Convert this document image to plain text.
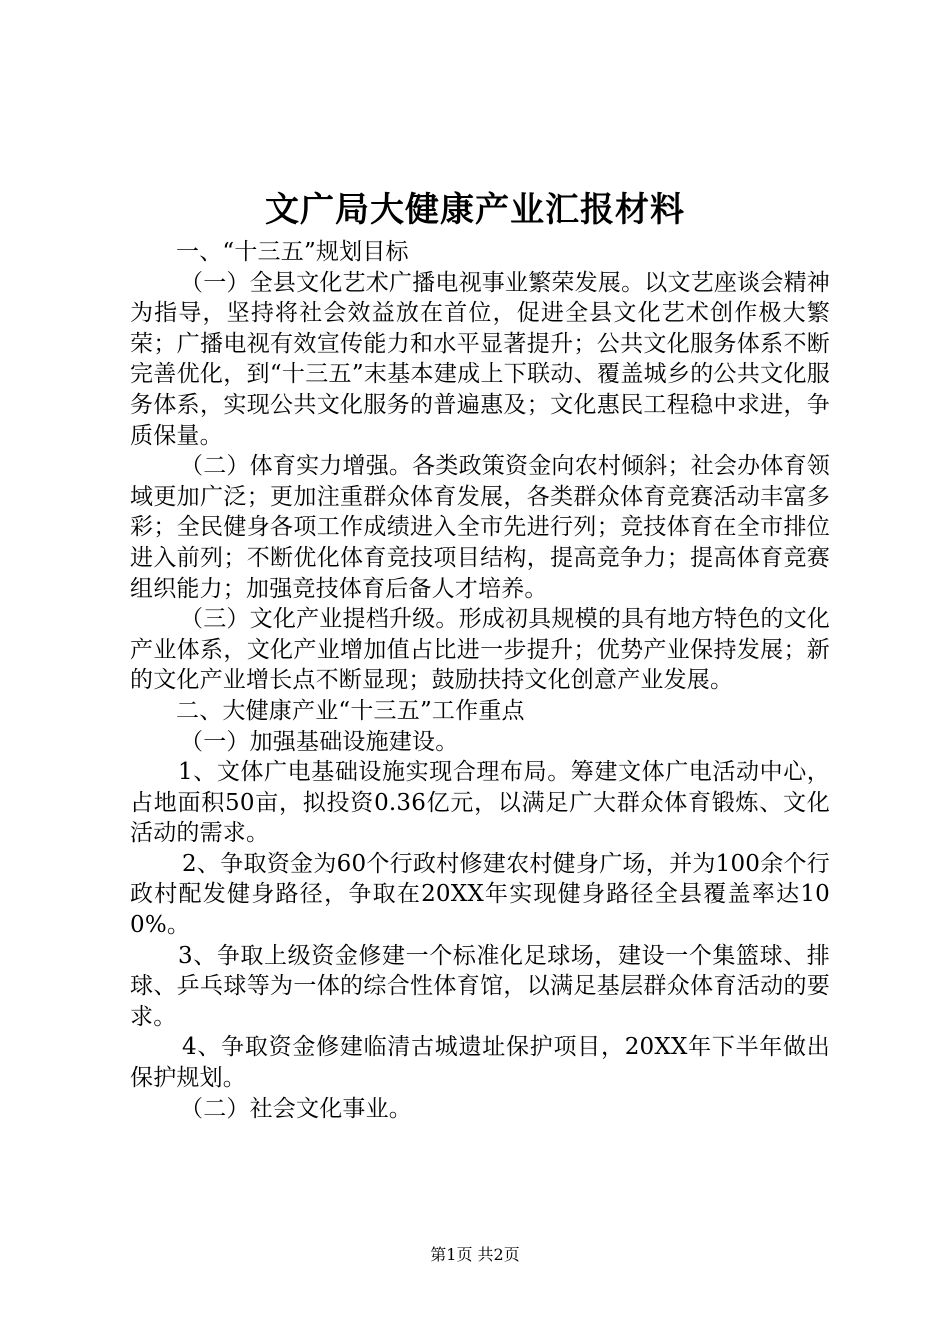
文广局大健康产业汇报材料

一、“十三五”规划目标

（一）全县文化艺术广播电视事业繁荣发展。以文艺座谈会精神为指导，坚持将社会效益放在首位，促进全县文化艺术创作极大繁荣；广播电视有效宣传能力和水平显著提升；公共文化服务体系不断完善优化，到“十三五”末基本建成上下联动、覆盖城乡的公共文化服务体系，实现公共文化服务的普遍惠及；文化惠民工程稳中求进，争质保量。

（二）体育实力增强。各类政策资金向农村倾斜；社会办体育领域更加广泛；更加注重群众体育发展，各类群众体育竞赛活动丰富多彩；全民健身各项工作成绩进入全市先进行列；竞技体育在全市排位进入前列；不断优化体育竞技项目结构，提高竞争力；提高体育竞赛组织能力；加强竞技体育后备人才培养。

（三）文化产业提档升级。形成初具规模的具有地方特色的文化产业体系，文化产业增加值占比进一步提升；优势产业保持发展；新的文化产业增长点不断显现；鼓励扶持文化创意产业发展。

二、大健康产业“十三五”工作重点

（一）加强基础设施建设。

1、文体广电基础设施实现合理布局。筹建文体广电活动中心，占地面积50亩，拟投资0.36亿元，以满足广大群众体育锻炼、文化活动的需求。

2、争取资金为60个行政村修建农村健身广场，并为100余个行政村配发健身路径，争取在20XX年实现健身路径全县覆盖率达100%。

3、争取上级资金修建一个标准化足球场，建设一个集篮球、排球、乒乓球等为一体的综合性体育馆，以满足基层群众体育活动的要求。

4、争取资金修建临清古城遗址保护项目，20XX年下半年做出保护规划。

（二）社会文化事业。

第1页 共2页
